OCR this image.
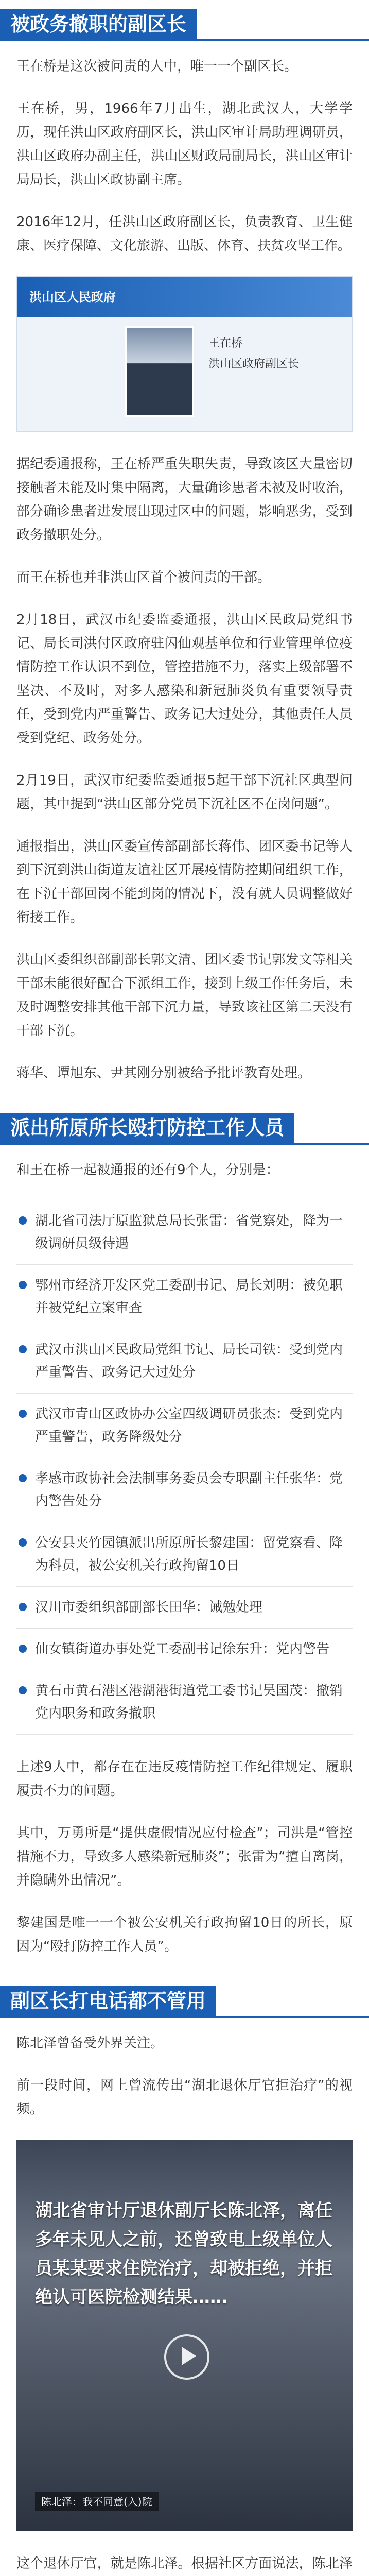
被政务撤职的副区长

王在桥是这次被问责的人中，唯一一个副区长。

王在桥，男，1966年7月出生，湖北武汉人，大学学历，现任洪山区政府副区长，洪山区审计局助理调研员，洪山区政府办副主任，洪山区财政局副局长，洪山区审计局局长，洪山区政协副主席。

2016年12月，任洪山区政府副区长，负责教育、卫生健康、医疗保障、文化旅游、出版、体育、扶贫攻坚工作。

洪山区人民政府
王在桥
洪山区政府副区长

据纪委通报称，王在桥严重失职失责，导致该区大量密切接触者未能及时集中隔离，大量确诊患者未被及时收治，部分确诊患者进发展出现过区中的问题，影响恶劣，受到政务撤职处分。

而王在桥也并非洪山区首个被问责的干部。

2月18日，武汉市纪委监委通报，洪山区民政局党组书记、局长司洪付区政府驻闪仙观基单位和行业管理单位疫情防控工作认识不到位，管控措施不力，落实上级部署不坚决、不及时，对多人感染和新冠肺炎负有重要领导责任，受到党内严重警告、政务记大过处分，其他责任人员受到党纪、政务处分。

2月19日，武汉市纪委监委通报5起干部下沉社区典型问题，其中提到“洪山区部分党员下沉社区不在岗问题”。

通报指出，洪山区委宣传部副部长蒋伟、团区委书记等人到下沉到洪山街道友谊社区开展疫情防控期间组织工作，在下沉干部回岗不能到岗的情况下，没有就人员调整做好衔接工作。

洪山区委组织部副部长郭文清、团区委书记郭发文等相关干部未能很好配合下派组工作，接到上级工作任务后，未及时调整安排其他干部下沉力量，导致该社区第二天没有干部下沉。

蒋华、谭旭东、尹其刚分别被给予批评教育处理。

派出所原所长殴打防控工作人员

和王在桥一起被通报的还有9个人，分别是：

湖北省司法厅原监狱总局长张雷：省党察处，降为一级调研员级待遇
鄂州市经济开发区党工委副书记、局长刘明：被免职并被党纪立案审查
武汉市洪山区民政局党组书记、局长司铁：受到党内严重警告、政务记大过处分
武汉市青山区政协办公室四级调研员张杰：受到党内严重警告，政务降级处分
孝感市政协社会法制事务委员会专职副主任张华：党内警告处分
公安县夹竹园镇派出所原所长黎建国：留党察看、降为科员，被公安机关行政拘留10日
汉川市委组织部副部长田华：诫勉处理
仙女镇街道办事处党工委副书记徐东升：党内警告
黄石市黄石港区港湖港街道党工委书记吴国茂：撤销党内职务和政务撤职

上述9人中，都存在在违反疫情防控工作纪律规定、履职履责不力的问题。

其中，万勇所是“提供虚假情况应付检查”；司洪是“管控措施不力，导致多人感染新冠肺炎”；张雷为“擅自离岗，并隐瞒外出情况”。

黎建国是唯一一个被公安机关行政拘留10日的所长，原因为“殴打防控工作人员”。

副区长打电话都不管用

陈北泽曾备受外界关注。

前一段时间，网上曾流传出“湖北退休厅官拒治疗”的视频。

湖北省审计厅退休副厅长陈北泽，离任多年未见人之前，还曾致电上级单位人员某某要求住院治疗，却被拒绝，并拒绝认可医院检测结果……
陈北泽：我不同意(入)院

这个退休厅官，就是陈北泽。根据社区方面说法，陈北泽
